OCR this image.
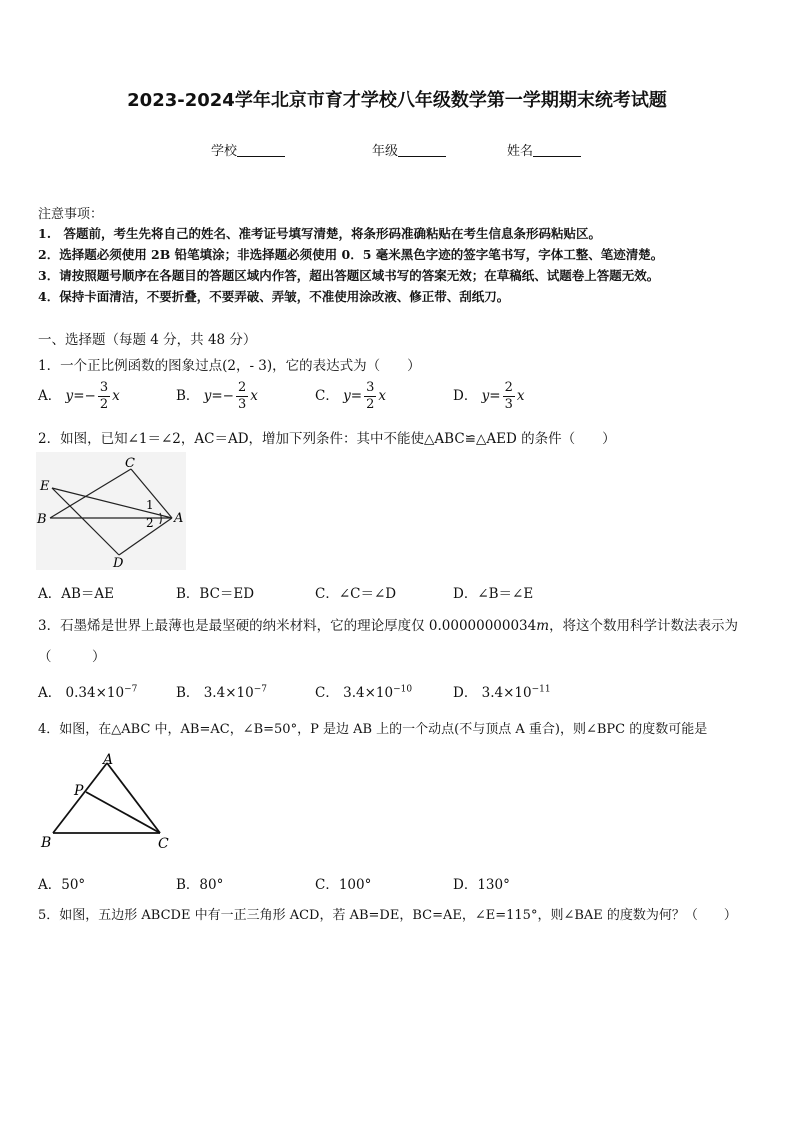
2023-2024学年北京市育才学校八年级数学第一学期期末统考试题
学校	年级	姓名
注意事项：
1.　答题前，考生先将自己的姓名、准考证号填写清楚，将条形码准确粘贴在考生信息条形码粘贴区。
2．选择题必须使用 2B 铅笔填涂；非选择题必须使用 0．5 毫米黑色字迹的签字笔书写，字体工整、笔迹清楚。
3．请按照题号顺序在各题目的答题区域内作答，超出答题区域书写的答案无效；在草稿纸、试题卷上答题无效。
4．保持卡面清洁，不要折叠，不要弄破、弄皱，不准使用涂改液、修正带、刮纸刀。
一、选择题（每题 4 分，共 48 分）
1．一个正比例函数的图象过点(2，- 3)，它的表达式为（　　）
A． $y=- \frac{3}{2}$ x	B． $y=- \frac{2}{3}$ x	C． $y= \frac{3}{2}$ x	D． $y= \frac{2}{3}$ x
2．如图，已知∠1＝∠2，AC＝AD，增加下列条件：其中不能使△ABC≌△AED 的条件（　　）
C
E
B
1
2 A
D
A．AB＝AE	B．BC＝ED	C．∠C＝∠D	D．∠B＝∠E
3．石墨烯是世界上最薄也是最坚硬的纳米材料，它的理论厚度仅 0.00000000034m，将这个数用科学计数法表示为
（　　　）
A． $0.34\times 10^{-7}$	B． $3.4\times 10^{-7}$	C． $3.4\times 10^{-10}$	D． $3.4\times 10^{-11}$
4．如图，在△ABC 中，AB=AC，∠B=50°，P 是边 AB 上的一个动点(不与顶点 A 重合)，则∠BPC 的度数可能是
A
P
B	C
A．50°	B．80°	C．100°	D．130°
5．如图，五边形 ABCDE 中有一正三角形 ACD，若 AB=DE，BC=AE，∠E=115°，则∠BAE 的度数为何？（　　）
